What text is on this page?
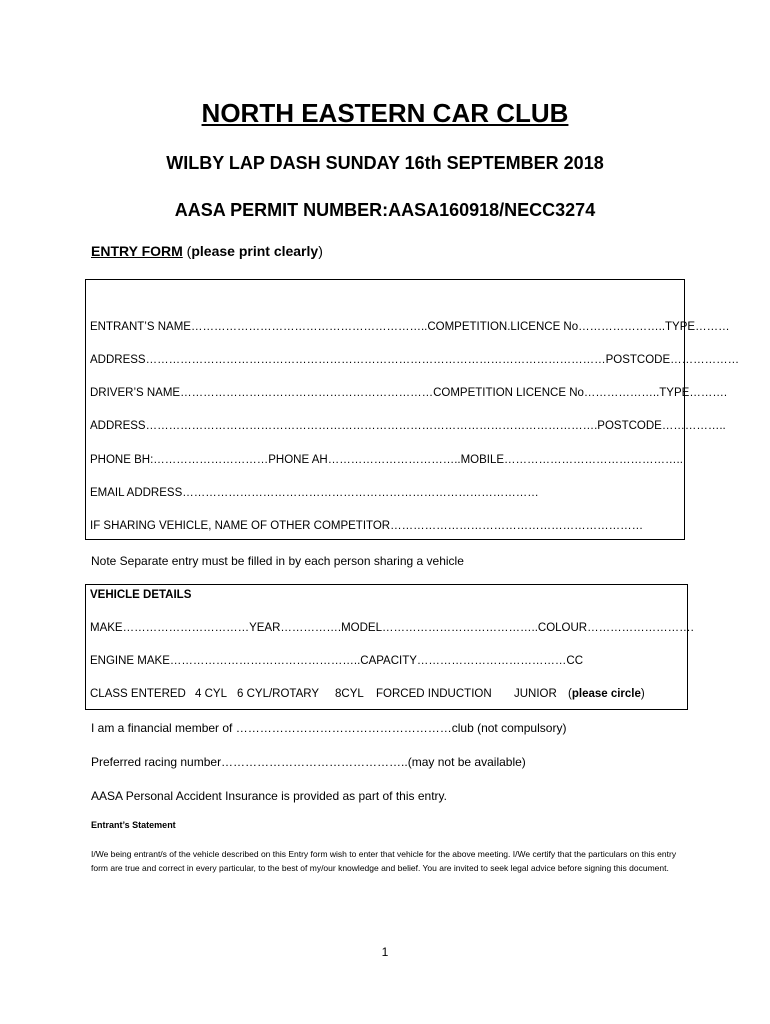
NORTH EASTERN CAR CLUB
WILBY LAP DASH SUNDAY 16th SEPTEMBER 2018
AASA PERMIT NUMBER:AASA160918/NECC3274
ENTRY FORM (please print clearly)
ENTRANT’S NAME……………………………………………………..COMPETITION.LICENCE No…………………..TYPE………
ADDRESS…………………………………………………………………………………………………………POSTCODE………………
DRIVER’S NAME…………………………………………………………COMPETITION LICENCE No………………..TYPE……….
ADDRESS……………………………………………………………………………………………………….POSTCODE……………..
PHONE BH:…………………………PHONE AH……………………………..MOBILE………………………………………..
EMAIL ADDRESS…………………………………………………………………………………
IF SHARING VEHICLE, NAME OF OTHER COMPETITOR…………………………………………………………
Note Separate entry must be filled in by each person sharing a vehicle
VEHICLE DETAILS
MAKE……………………………YEAR…………….MODEL…………………………………..COLOUR……………………….
ENGINE MAKE…………………………………………..CAPACITY…………………………………CC
CLASS ENTERED 4 CYL 6 CYL/ROTARY 8CYL FORCED INDUCTION JUNIOR (please circle)
I am a financial member of ………………………………………………club (not compulsory)
Preferred racing number………………………………………..(may not be available)
AASA Personal Accident Insurance is provided as part of this entry.
Entrant’s Statement
I/We being entrant/s of the vehicle described on this Entry form wish to enter that vehicle for the above meeting. I/We certify that the particulars on this entry form are true and correct in every particular, to the best of my/our knowledge and belief. You are invited to seek legal advice before signing this document.
1
